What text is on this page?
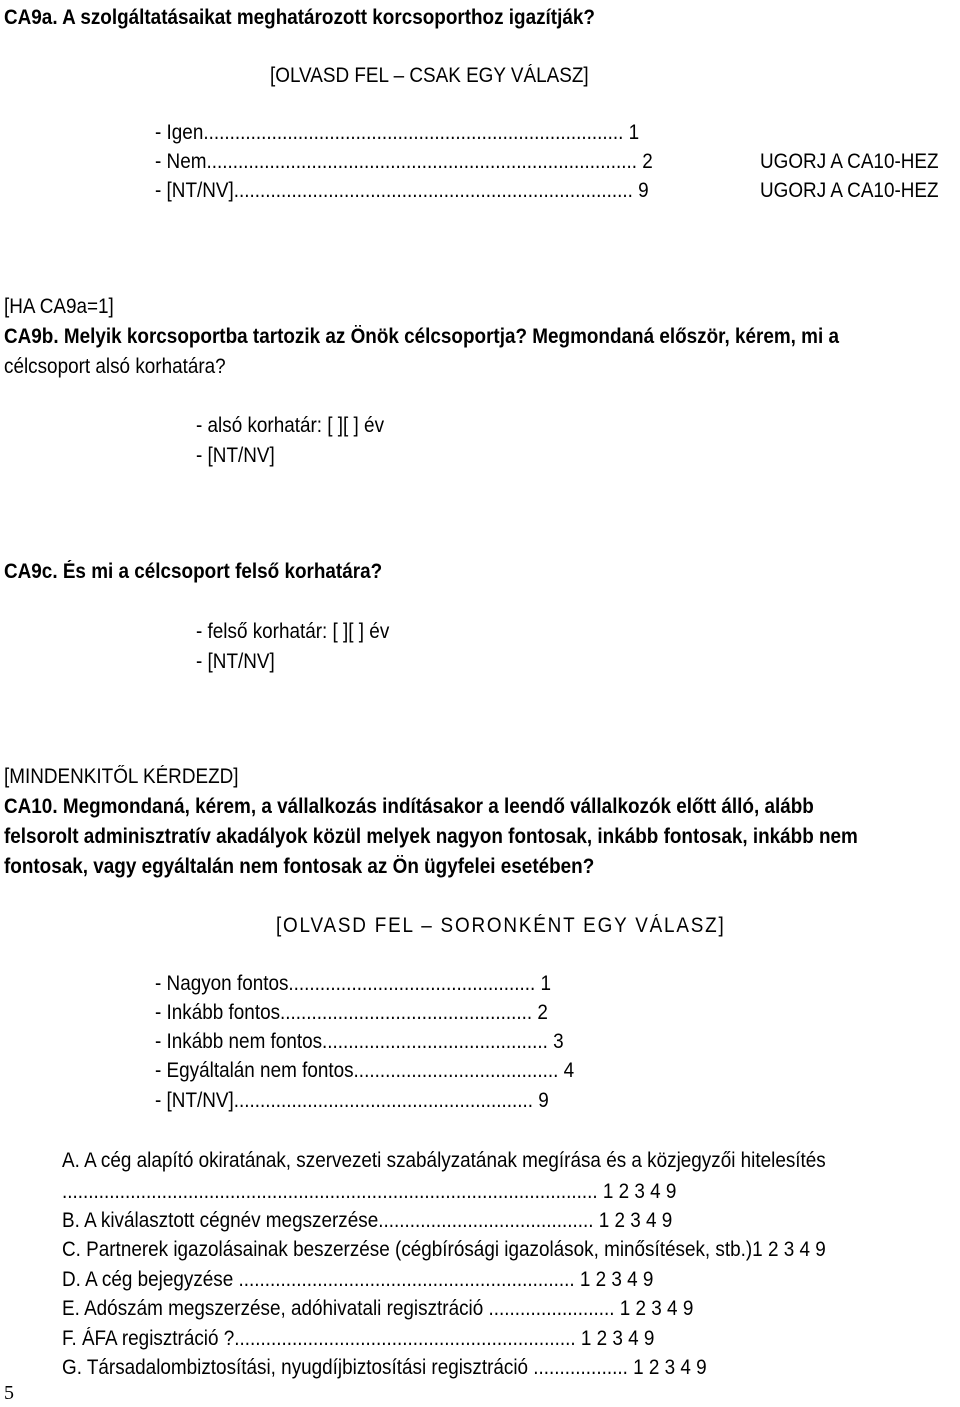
CA9a. A szolgáltatásaikat meghatározott korcsoporthoz igazítják?
[OLVASD FEL – CSAK EGY VÁLASZ]
- Igen................................................................................ 1
- Nem.................................................................................. 2	UGORJ A CA10-HEZ
- [NT/NV]............................................................................ 9	UGORJ A CA10-HEZ
[HA CA9a=1]
CA9b. Melyik korcsoportba tartozik az Önök célcsoportja? Megmondaná először, kérem, mi a
célcsoport alsó korhatára?
- alsó korhatár: [ ][ ] év
- [NT/NV]
CA9c. És mi a célcsoport felső korhatára?
- felső korhatár: [ ][ ] év
- [NT/NV]
[MINDENKITŐL KÉRDEZD]
CA10. Megmondaná, kérem, a vállalkozás indításakor a leendő vállalkozók előtt álló, alább
felsorolt adminisztratív akadályok közül melyek nagyon fontosak, inkább fontosak, inkább nem
fontosak, vagy egyáltalán nem fontosak az Ön ügyfelei esetében?
[OLVASD FEL – SORONKÉNT EGY VÁLASZ]
- Nagyon fontos............................................... 1
- Inkább fontos................................................ 2
- Inkább nem fontos........................................... 3
- Egyáltalán nem fontos....................................... 4
- [NT/NV]......................................................... 9
A. A cég alapító okiratának, szervezeti szabályzatának megírása és a közjegyzői hitelesítés
...................................................................................................... 1 2 3 4 9
B. A kiválasztott cégnév megszerzése......................................... 1 2 3 4 9
C. Partnerek igazolásainak beszerzése (cégbírósági igazolások, minősítések, stb.)1 2 3 4 9
D. A cég bejegyzése ................................................................ 1 2 3 4 9
E. Adószám megszerzése, adóhivatali regisztráció ........................ 1 2 3 4 9
F. ÁFA regisztráció ?................................................................. 1 2 3 4 9
G. Társadalombiztosítási, nyugdíjbiztosítási regisztráció .................. 1 2 3 4 9
5
